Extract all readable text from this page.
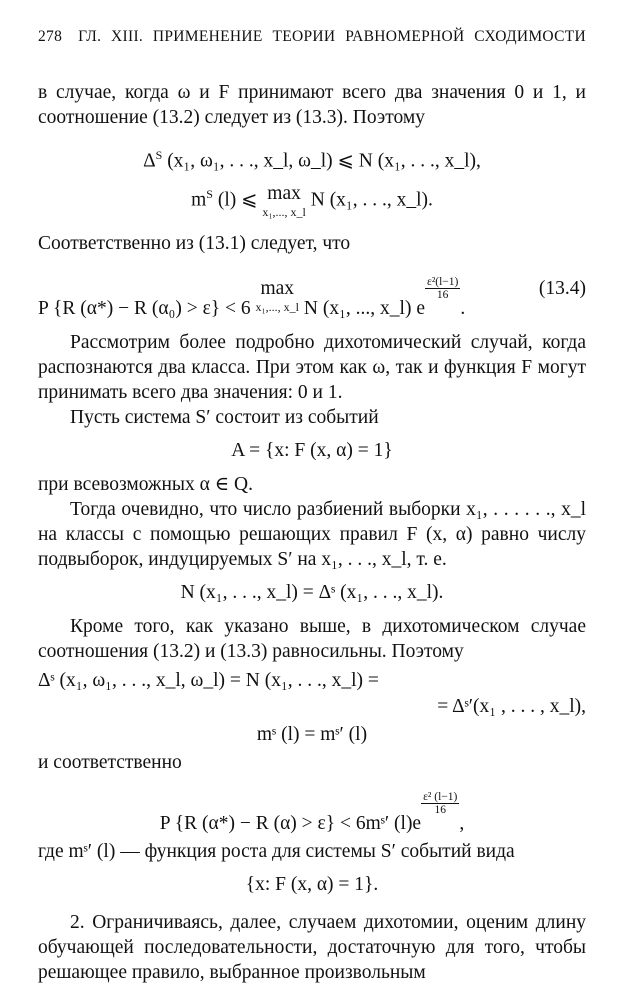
278 ГЛ. XIII. ПРИМЕНЕНИЕ ТЕОРИИ РАВНОМЕРНОЙ СХОДИМОСТИ

в случае, когда ω и F принимают всего два значения 0 и 1, и соотношение (13.2) следует из (13.3). Поэтому

$\Delta^S$ (x₁, ω₁, . . ., x_l, ω_l) ⩽ N (x₁, . . ., x_l),
$m^S$ (l) ⩽ max
x₁,..., x_l
N (x₁, . . ., x_l).

Соответственно из (13.1) следует, что

P {R (α*) − R (α₀) > ε} < 6 max
x₁,..., x_l N (x₁, ..., x_l) e
$\frac{\text{ε²(l−1)}}{16}$
.
(13.4)

Рассмотрим более подробно дихотомический случай, когда распознаются два класса. При этом как ω, так и функция F могут принимать всего два значения: 0 и 1.

Пусть система S′ состоит из событий

A = {x: F (x, α) = 1}

при всевозможных α ∈ Q.

Тогда очевидно, что число разбиений выборки x₁, . . . . . ., x_l на классы с помощью решающих правил F (x, α) равно числу подвыборок, индуцируемых S′ на x₁, . . ., x_l, т. е.

N (x₁, . . ., x_l) = Δˢ (x₁, . . ., x_l).

Кроме того, как указано выше, в дихотомическом случае соотношения (13.2) и (13.3) равносильны. Поэтому

Δˢ (x₁, ω₁, . . ., x_l, ω_l) = N (x₁, . . ., x_l) =
= Δˢ′(x₁ , . . . , x_l),
mˢ (l) = mˢ′ (l)

и соответственно

P {R (α*) − R (α) > ε} < 6mˢ′ (l)e
$\frac{\text{ε² (l−1)}}{16}$
,

где mˢ′ (l) — функция роста для системы S′ событий вида

{x: F (x, α) = 1}.

2. Ограничиваясь, далее, случаем дихотомии, оценим длину обучающей последовательности, достаточную для того, чтобы решающее правило, выбранное произвольным
